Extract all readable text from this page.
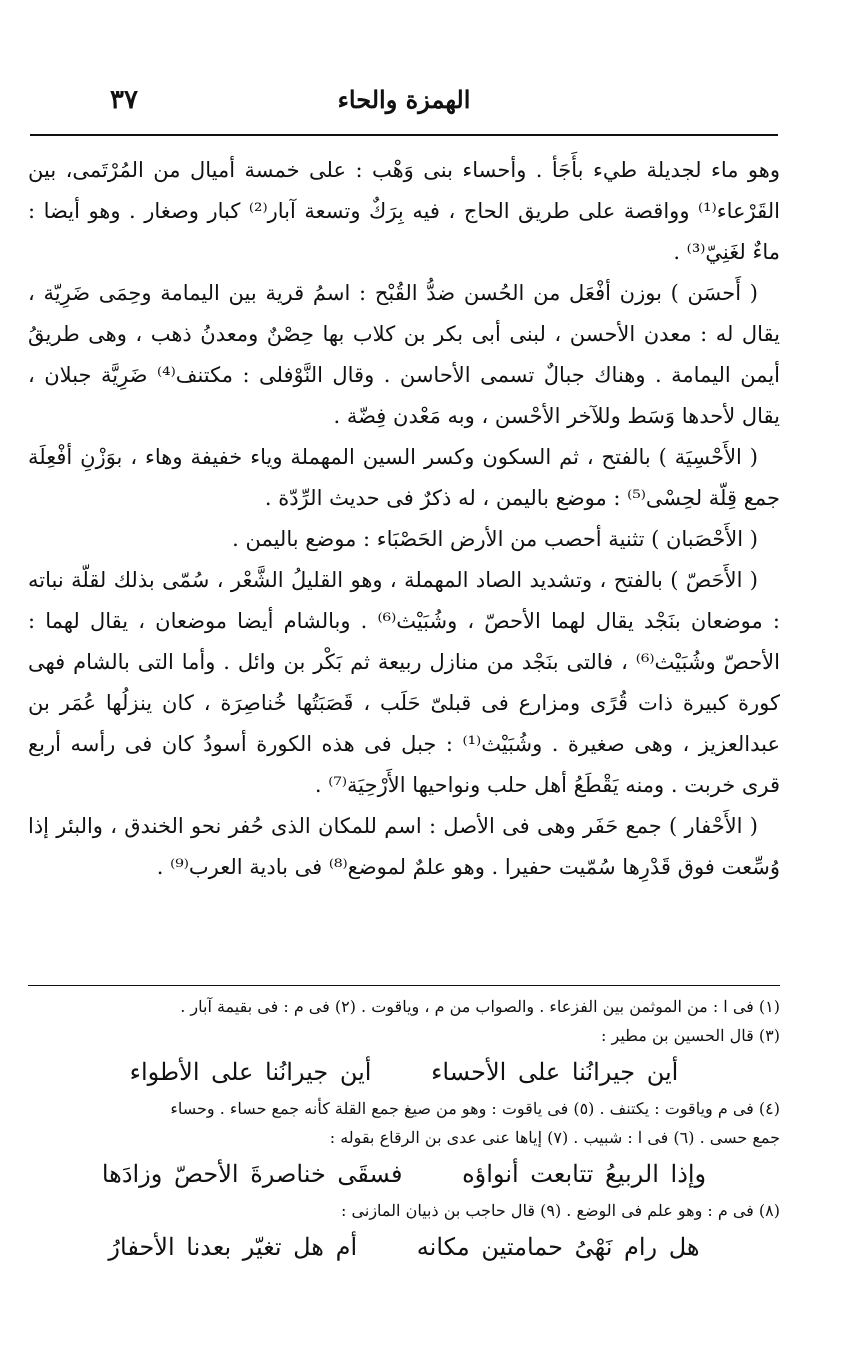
الهمزة والحاء
٣٧

وهو ماء لجديلة طيء بأَجَأ . وأحساء بنى وَهْب : على خمسة أميال من المُرْتَمى، بين القَرْعاء⁽¹⁾ وواقصة على طريق الحاج ، فيه بِرَكٌ وتسعة آبار⁽²⁾ كبار وصغار . وهو أيضا : ماءٌ لغَنِيّ⁽³⁾ .

( أَحسَن ) بوزن أفْعَل من الحُسن ضدُّ القُبْح : اسمُ قرية بين اليمامة وحِمَى ضَرِيّة ، يقال له : معدن الأحسن ، لبنى أبى بكر بن كلاب بها حِصْنٌ ومعدنُ ذهب ، وهى طريقُ أيمن اليمامة . وهناك جبالٌ تسمى الأحاسن . وقال النَّوْفلى : مكتنف⁽⁴⁾ ضَرِيَّة جبلان ، يقال لأحدها وَسَط وللآخر الأحْسن ، وبه مَعْدن فِضّة .

( الأَحْسِيَة ) بالفتح ، ثم السكون وكسر السين المهملة وياء خفيفة وهاء ، بوَزْنِ أفْعِلَة جمع قِلّة لحِسْى⁽⁵⁾ : موضع باليمن ، له ذكرٌ فى حديث الرِّدّة .

( الأَحْصَبان ) تثنية أحصب من الأرض الحَصْبَاء : موضع باليمن .

( الأَحَصّ ) بالفتح ، وتشديد الصاد المهملة ، وهو القليلُ الشَّعْر ، سُمّى بذلك لقلّة نباته : موضعان بنَجْد يقال لهما الأحصّ ، وشُبَيْث⁽⁶⁾ . وبالشام أيضا موضعان ، يقال لهما : الأحصّ وشُبَيْث⁽⁶⁾ ، فالتى بنَجْد من منازل ربيعة ثم بَكْر بن وائل . وأما التى بالشام فهى كورة كبيرة ذات قُرًى ومزارع فى قبلىّ حَلَب ، قَصَبَتُها خُناصِرَة ، كان ينزلُها عُمَر بن عبدالعزيز ، وهى صغيرة . وشُبَيْث⁽¹⁾ : جبل فى هذه الكورة أسودُ كان فى رأسه أربع قرى خربت . ومنه يَقْطَعُ أهل حلب ونواحيها الأَرْحِيَة⁽⁷⁾ .

( الأَحْفار ) جمع حَفَر وهى فى الأصل : اسم للمكان الذى حُفر نحو الخندق ، والبئر إذا وُسِّعت فوق قَدْرِها سُمّيت حفيرا . وهو علمٌ لموضع⁽⁸⁾ فى بادية العرب⁽⁹⁾ .

(١) فى ا : من الموثمن بين الفزعاء . والصواب من م ، وياقوت . (٢) فى م : فى بقيمة آبار .

(٣) قال الحسين بن مطير :

أين جيرانُنا على الأحساء أين جيرانُنا على الأطواء

(٤) فى م وياقوت : يكتنف . (٥) فى ياقوت : وهو من صيغ جمع القلة كأنه جمع حساء . وحساء

جمع حسى . (٦) فى ا : شبيب . (٧) إياها عنى عدى بن الرقاع بقوله :

وإذا الربيعُ تتابعت أنواؤه فسقَى خناصرةَ الأحصّ وزادَها

(٨) فى م : وهو علم فى الوضع . (٩) قال حاجب بن ذبيان المازنى :

هل رام نَهْىُ حمامتين مكانه أم هل تغيّر بعدنا الأحفارُ
